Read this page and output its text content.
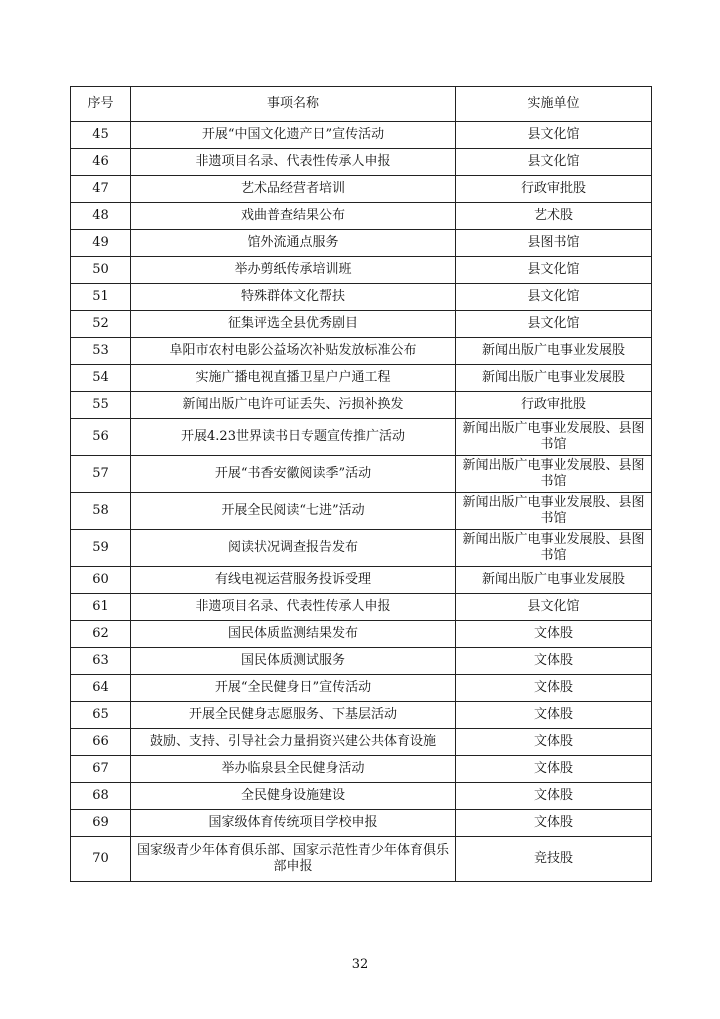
序号	事项名称	实施单位
45	开展“中国文化遗产日”宣传活动	县文化馆
46	非遗项目名录、代表性传承人申报	县文化馆
47	艺术品经营者培训	行政审批股
48	戏曲普查结果公布	艺术股
49	馆外流通点服务	县图书馆
50	举办剪纸传承培训班	县文化馆
51	特殊群体文化帮扶	县文化馆
52	征集评选全县优秀剧目	县文化馆
53	阜阳市农村电影公益场次补贴发放标准公布	新闻出版广电事业发展股
54	实施广播电视直播卫星户户通工程	新闻出版广电事业发展股
55	新闻出版广电许可证丢失、污损补换发	行政审批股
56	开展4.23世界读书日专题宣传推广活动	新闻出版广电事业发展股、县图书馆
57	开展“书香安徽阅读季”活动	新闻出版广电事业发展股、县图书馆
58	开展全民阅读“七进”活动	新闻出版广电事业发展股、县图书馆
59	阅读状况调查报告发布	新闻出版广电事业发展股、县图书馆
60	有线电视运营服务投诉受理	新闻出版广电事业发展股
61	非遗项目名录、代表性传承人申报	县文化馆
62	国民体质监测结果发布	文体股
63	国民体质测试服务	文体股
64	开展“全民健身日”宣传活动	文体股
65	开展全民健身志愿服务、下基层活动	文体股
66	鼓励、支持、引导社会力量捐资兴建公共体育设施	文体股
67	举办临泉县全民健身活动	文体股
68	全民健身设施建设	文体股
69	国家级体育传统项目学校申报	文体股
70	国家级青少年体育俱乐部、国家示范性青少年体育俱乐部申报	竞技股
32
